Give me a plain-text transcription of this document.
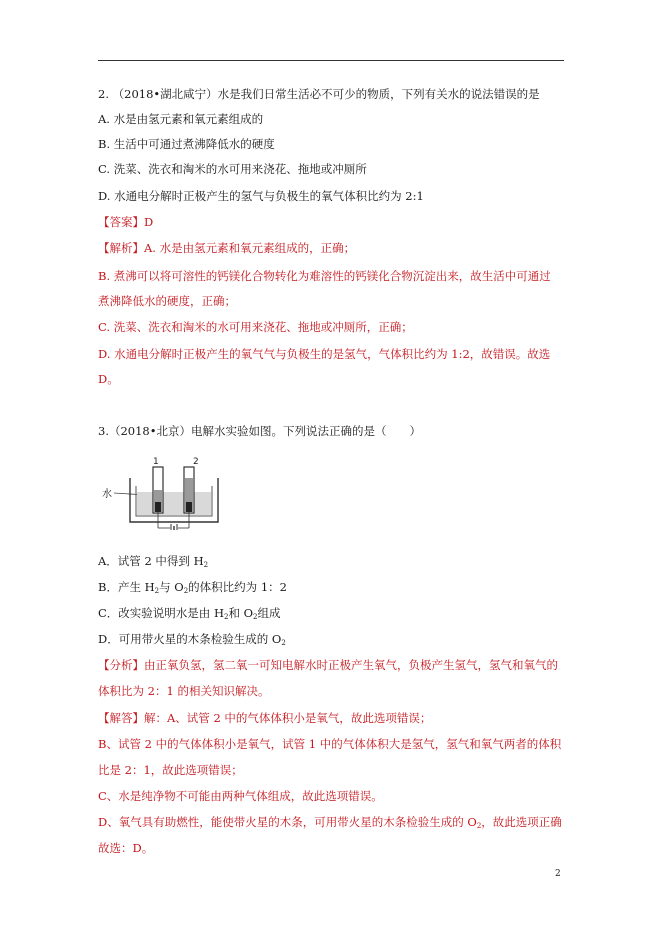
2. （2018•湖北咸宁）水是我们日常生活必不可少的物质，下列有关水的说法错误的是
A. 水是由氢元素和氧元素组成的
B. 生活中可通过煮沸降低水的硬度
C. 洗菜、洗衣和淘米的水可用来浇花、拖地或冲厕所
D. 水通电分解时正极产生的氢气与负极生的氧气体积比约为 2:1
【答案】D
【解析】A. 水是由氢元素和氧元素组成的，正确；
B. 煮沸可以将可溶性的钙镁化合物转化为难溶性的钙镁化合物沉淀出来，故生活中可通过
煮沸降低水的硬度，正确；
C. 洗菜、洗衣和淘米的水可用来浇花、拖地或冲厕所，正确；
D. 水通电分解时正极产生的氧气气与负极生的是氢气，气体积比约为 1:2，故错误。故选
D。
3.（2018•北京）电解水实验如图。下列说法正确的是（　　）
1	2
水
A．试管 2 中得到 $H_2$
B．产生 $H_2$与 $O_2$的体积比约为 1：2
C．改实验说明水是由 $H_2$和 $O_2$组成
D．可用带火星的木条检验生成的 $O_2$
【分析】由正氧负氢，氢二氧一可知电解水时正极产生氧气，负极产生氢气，氢气和氧气的
体积比为 2：1 的相关知识解决。
【解答】解：A、试管 2 中的气体体积小是氧气，故此选项错误；
B、试管 2 中的气体体积小是氧气，试管 1 中的气体体积大是氢气，氢气和氧气两者的体积
比是 2：1，故此选项错误；
C、水是纯净物不可能由两种气体组成，故此选项错误。
D、氧气具有助燃性，能使带火星的木条，可用带火星的木条检验生成的 $O_2$，故此选项正确
故选：D。
2
